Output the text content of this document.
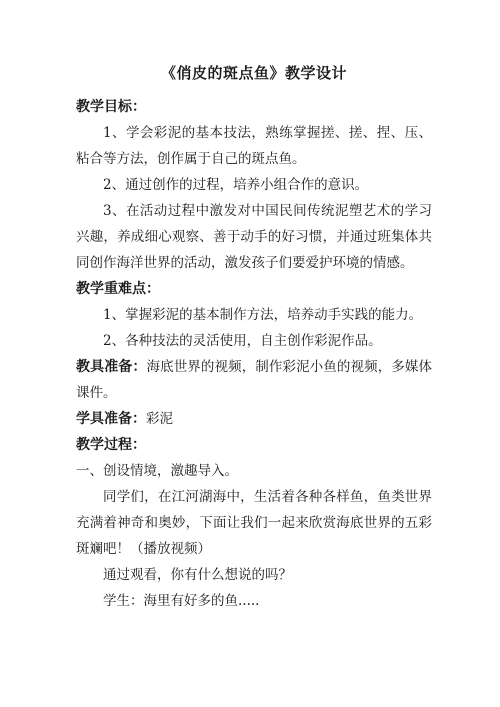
《俏皮的斑点鱼》教学设计

教学目标：

1、学会彩泥的基本技法，熟练掌握搓、搓、捏、压、粘合等方法，创作属于自己的斑点鱼。

2、通过创作的过程，培养小组合作的意识。

3、在活动过程中激发对中国民间传统泥塑艺术的学习兴趣，养成细心观察、善于动手的好习惯，并通过班集体共同创作海洋世界的活动，激发孩子们要爱护环境的情感。

教学重难点：

1、掌握彩泥的基本制作方法，培养动手实践的能力。

2、各种技法的灵活使用，自主创作彩泥作品。

教具准备：海底世界的视频，制作彩泥小鱼的视频，多媒体课件。

学具准备：彩泥

教学过程：

一、创设情境，激趣导入。

同学们，在江河湖海中，生活着各种各样鱼，鱼类世界充满着神奇和奥妙，下面让我们一起来欣赏海底世界的五彩斑斓吧！（播放视频）

通过观看，你有什么想说的吗？

学生：海里有好多的鱼.....
